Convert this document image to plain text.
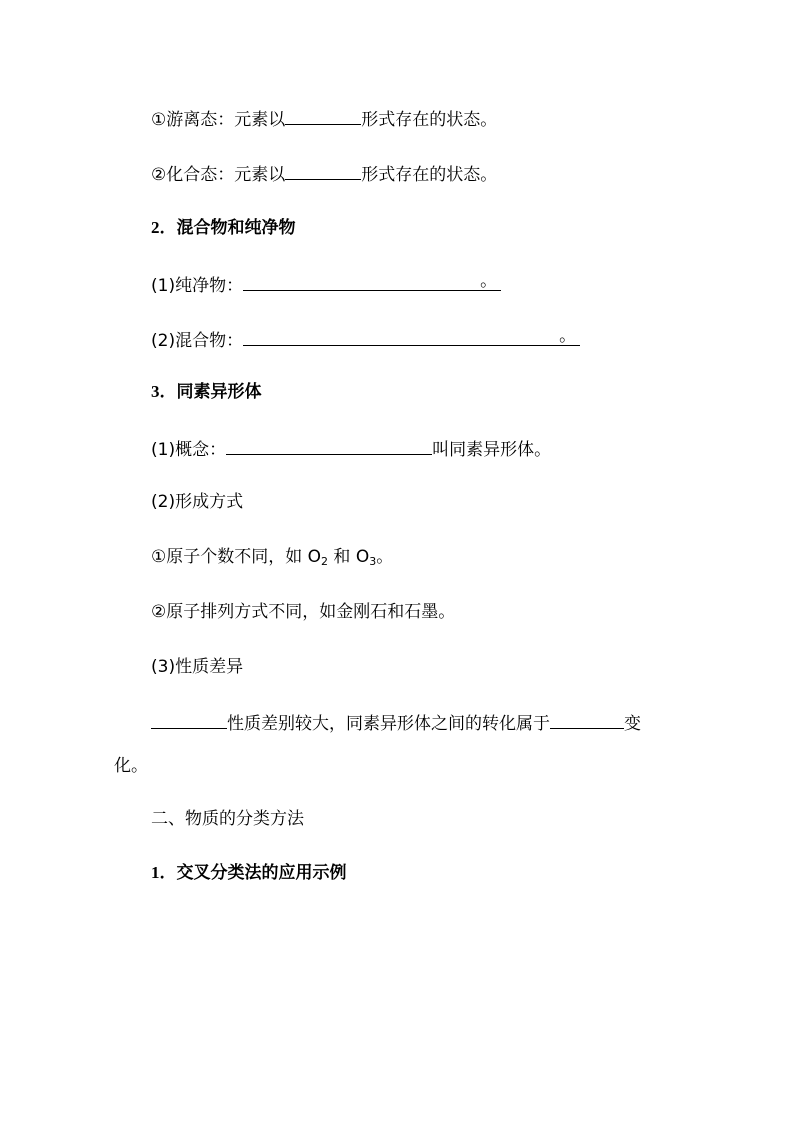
①游离态：元素以	形式存在的状态。
②化合态：元素以	形式存在的状态。
2．混合物和纯净物
(1)纯净物：	。
(2)混合物：	。
3．同素异形体
(1)概念：	叫同素异形体。
(2)形成方式
①原子个数不同，如 $O_2$ 和 $O_3$。
②原子排列方式不同，如金刚石和石墨。
(3)性质差异
性质差别较大，同素异形体之间的转化属于	变
化。
二、物质的分类方法
1．交叉分类法的应用示例
